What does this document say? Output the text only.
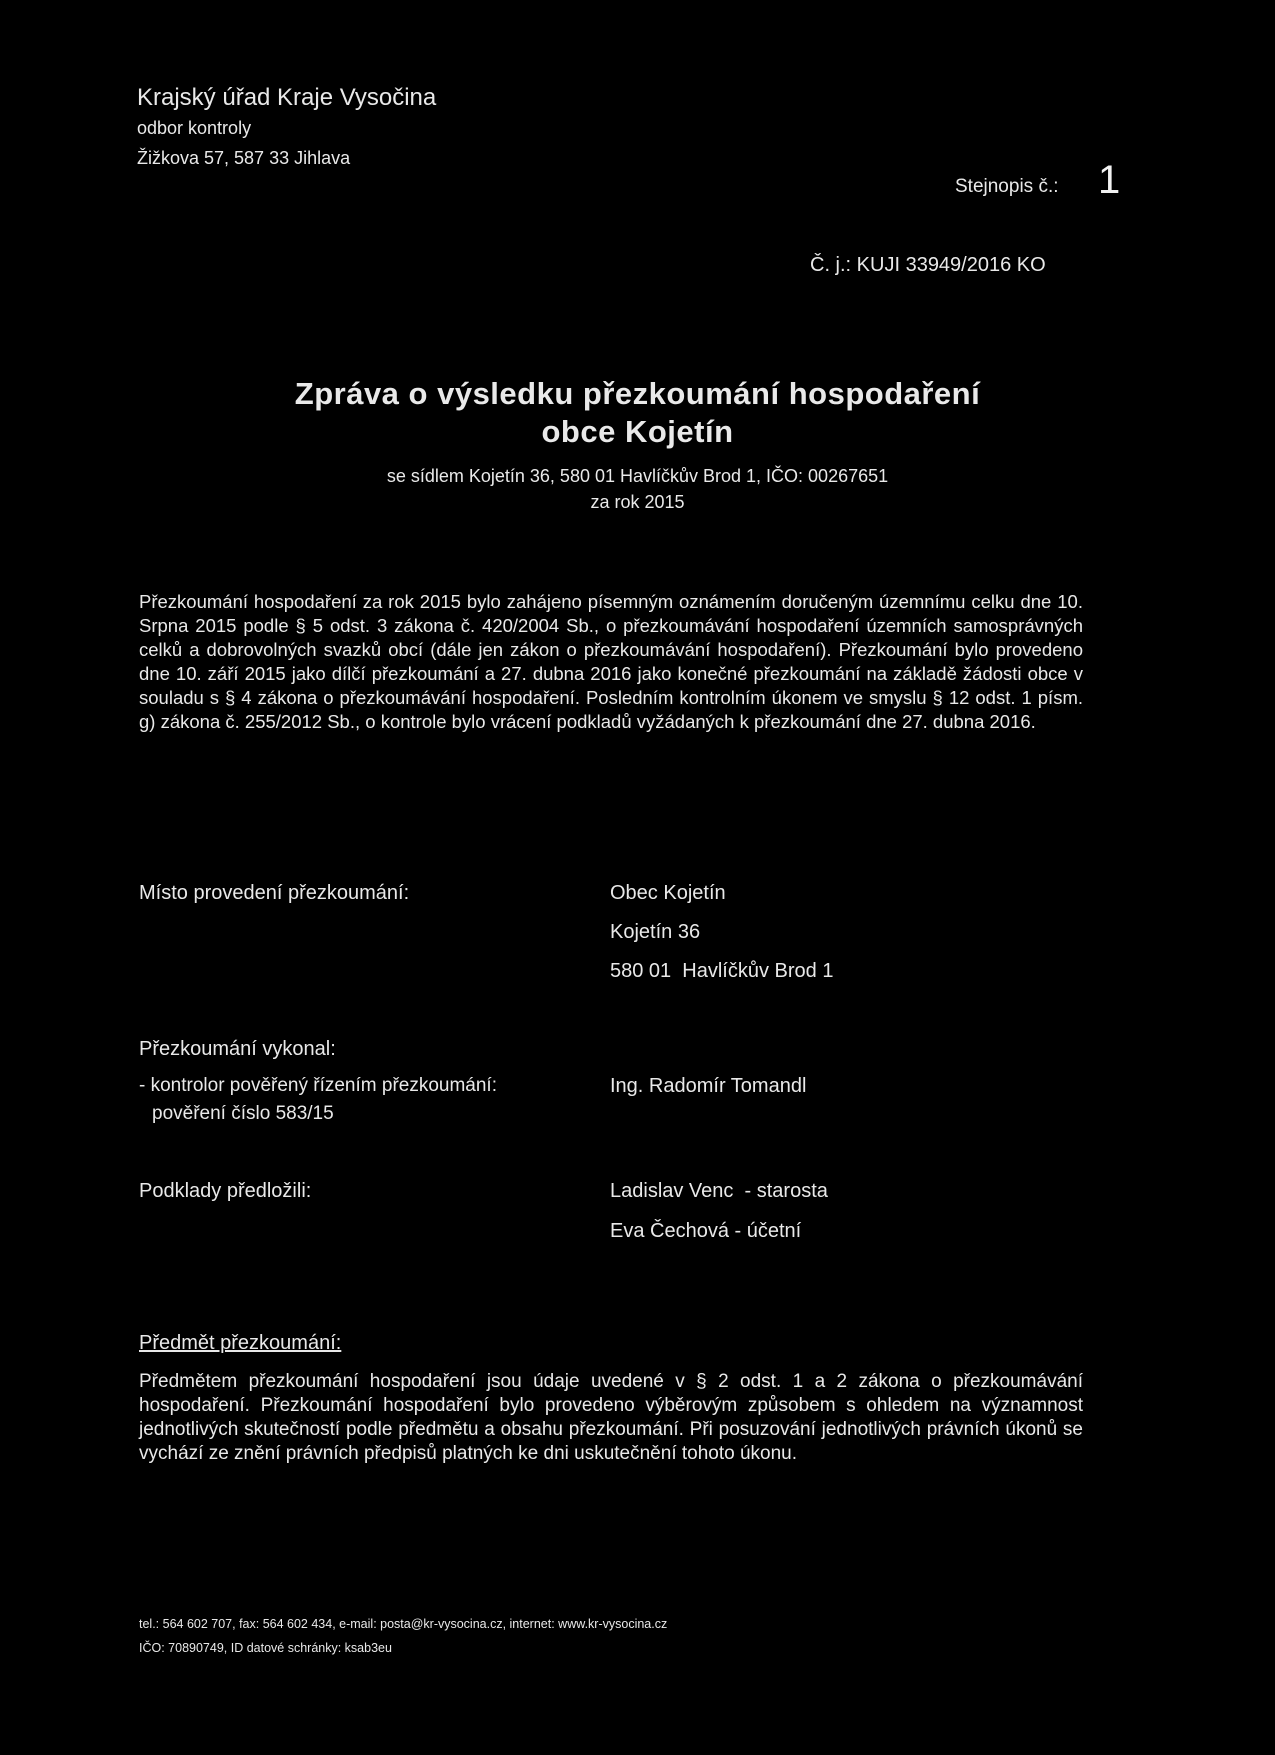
Krajský úřad Kraje Vysočina
odbor kontroly
Žižkova 57, 587 33 Jihlava
Stejnopis č.: 1
Č. j.: KUJI 33949/2016 KO
Zpráva o výsledku přezkoumání hospodaření
obce Kojetín
se sídlem Kojetín 36, 580 01 Havlíčkův Brod 1, IČO: 00267651
za rok 2015
Přezkoumání hospodaření za rok 2015 bylo zahájeno písemným oznámením doručeným územnímu celku dne 10. Srpna 2015 podle § 5 odst. 3 zákona č. 420/2004 Sb., o přezkoumávání hospodaření územních samosprávných celků a dobrovolných svazků obcí (dále jen zákon o přezkoumávání hospodaření). Přezkoumání bylo provedeno dne 10. září 2015 jako dílčí přezkoumání a 27. dubna 2016 jako konečné přezkoumání na základě žádosti obce v souladu s § 4 zákona o přezkoumávání hospodaření. Posledním kontrolním úkonem ve smyslu § 12 odst. 1 písm. g) zákona č. 255/2012 Sb., o kontrole bylo vrácení podkladů vyžádaných k přezkoumání dne 27. dubna 2016.
Místo provedení přezkoumání:	Obec Kojetín
Kojetín 36
580 01  Havlíčkův Brod 1
Přezkoumání vykonal:
- kontrolor pověřený řízením přezkoumání:
pověření číslo 583/15
Ing. Radomír Tomandl
Podklady předložili:	Ladislav Venc  - starosta
Eva Čechová - účetní
Předmět přezkoumání:
Předmětem přezkoumání hospodaření jsou údaje uvedené v § 2 odst. 1 a 2 zákona o přezkoumávání hospodaření. Přezkoumání hospodaření bylo provedeno výběrovým způsobem s ohledem na významnost jednotlivých skutečností podle předmětu a obsahu přezkoumání. Při posuzování jednotlivých právních úkonů se vychází ze znění právních předpisů platných ke dni uskutečnění tohoto úkonu.
tel.: 564 602 707, fax: 564 602 434, e-mail: posta@kr-vysocina.cz, internet: www.kr-vysocina.cz
IČO: 70890749, ID datové schránky: ksab3eu
